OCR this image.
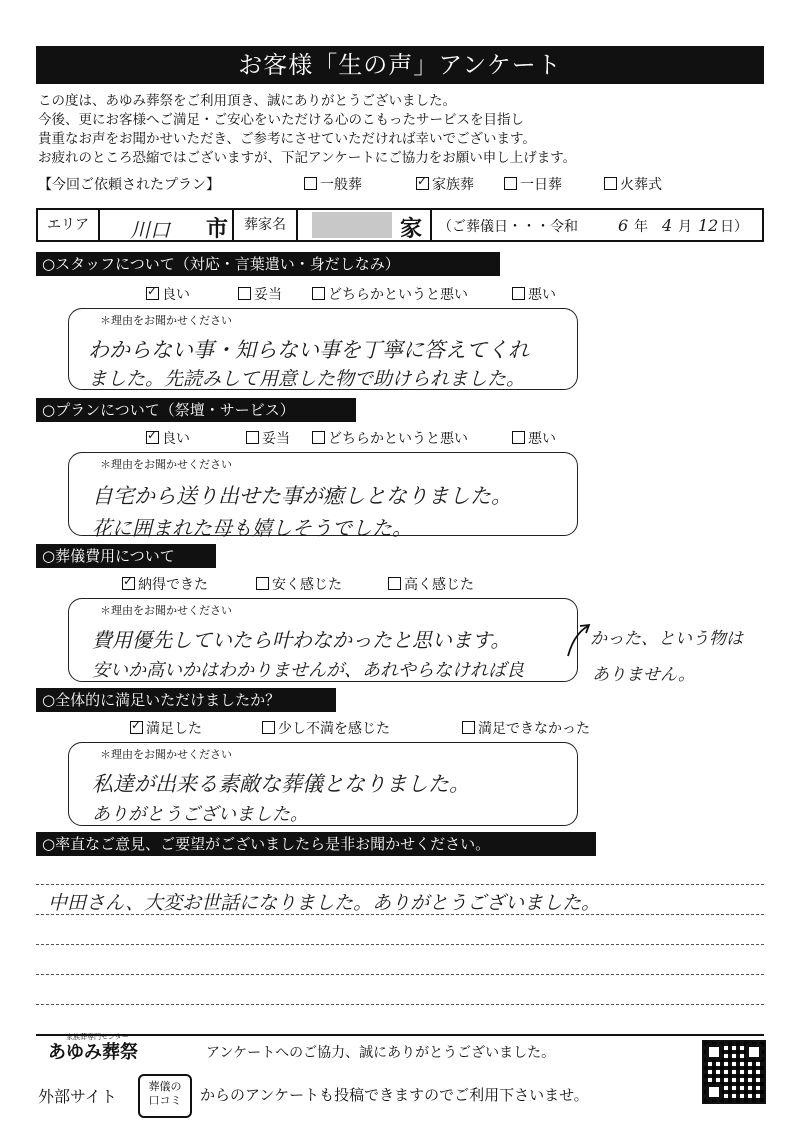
お客様「生の声」アンケート
この度は、あゆみ葬祭をご利用頂き、誠にありがとうございました。
今後、更にお客様へご満足・ご安心をいただける心のこもったサービスを目指し
貴重なお声をお聞かせいただき、ご参考にさせていただければ幸いでございます。
お疲れのところ恐縮ではございますが、下記アンケートにご協力をお願い申し上げます。
【今回ご依頼されたプラン】	一般葬
✓	家族葬	一日葬	火葬式
エリア	川口 市	葬家名	家 （ご葬儀日・・・令和	6 年 4 月 12 日）
○スタッフについて（対応・言葉遣い・身だしなみ）
✓良い	妥当	どちらかというと悪い	悪い
＊理由をお聞かせください
わからない事・知らない事を丁寧に答えてくれ
ました。先読みして用意した物で助けられました。
○プランについて（祭壇・サービス）
✓良い	妥当	どちらかというと悪い	悪い
＊理由をお聞かせください
自宅から送り出せた事が癒しとなりました。
花に囲まれた母も嬉しそうでした。
○葬儀費用について
✓納得できた	安く感じた	高く感じた
＊理由をお聞かせください
費用優先していたら叶わなかったと思います。
安いか高いかはわかりませんが、あれやらなければ良
かった、という物は
ありません。
○全体的に満足いただけましたか？
✓満足した	少し不満を感じた	満足できなかった
＊理由をお聞かせください
私達が出来る素敵な葬儀となりました。
ありがとうございました。
○率直なご意見、ご要望がございましたら是非お聞かせください。
中田さん、大変お世話になりました。ありがとうございました。
家族葬専門センター
あゆみ葬祭	アンケートへのご協力、誠にありがとうございました。
外部サイト
葬儀の
口コミ	からのアンケートも投稿できますのでご利用下さいませ。
